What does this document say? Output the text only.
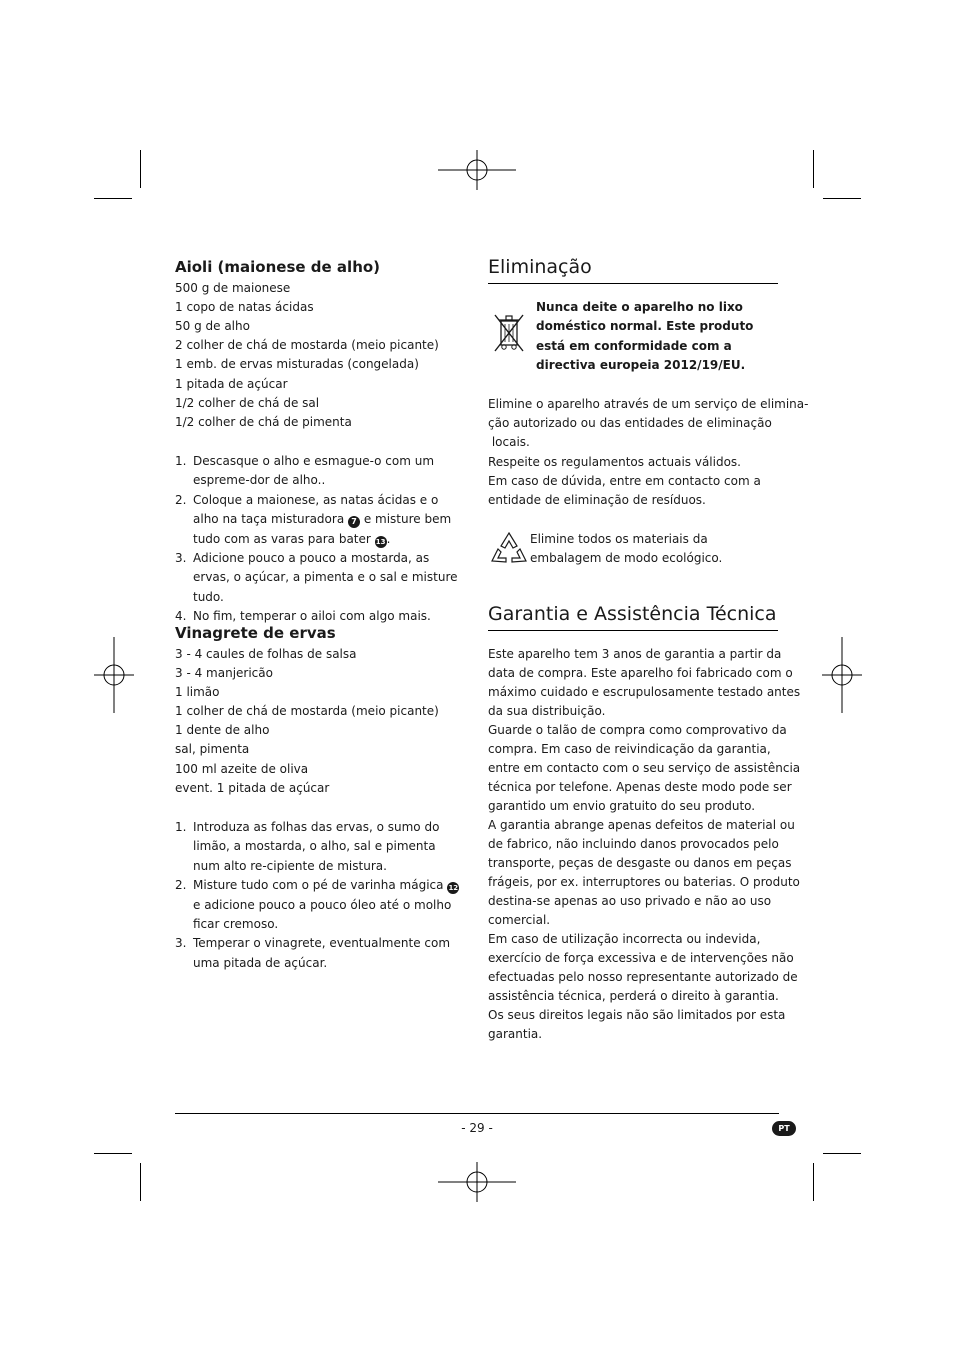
Aioli (maionese de alho)
500 g de maionese
1 copo de natas ácidas
50 g de alho
2 colher de chá de mostarda (meio picante)
1 emb. de ervas misturadas (congelada)
1 pitada de açúcar
1/2 colher de chá de sal
1/2 colher de chá de pimenta
1. Descasque o alho e esmague-o com um espreme-dor de alho..
2. Coloque a maionese, as natas ácidas e o alho na taça misturadora 7 e misture bem tudo com as varas para bater 13.
3. Adicione pouco a pouco a mostarda, as ervas, o açúcar, a pimenta e o sal e misture tudo.
4. No fim, temperar o ailoi com algo mais.
Vinagrete de ervas
3 - 4 caules de folhas de salsa
3 - 4 manjericão
1 limão
1 colher de chá de mostarda (meio picante)
1 dente de alho
sal, pimenta
100 ml azeite de oliva
event. 1 pitada de açúcar
1. Introduza as folhas das ervas, o sumo do limão, a mostarda, o alho, sal e pimenta num alto re-cipiente de mistura.
2. Misture tudo com o pé de varinha mágica 12 e adicione pouco a pouco óleo até o molho ficar cremoso.
3. Temperar o vinagrete, eventualmente com uma pitada de açúcar.
Eliminação
Nunca deite o aparelho no lixo doméstico normal. Este produto está em conformidade com a directiva europeia 2012/19/EU.
Elimine o aparelho através de um serviço de elimina-
ção autorizado ou das entidades de eliminação
locais.
Respeite os regulamentos actuais válidos.
Em caso de dúvida, entre em contacto com a
entidade de eliminação de resíduos.
Elimine todos os materiais da embalagem de modo ecológico.
Garantia e Assistência Técnica
Este aparelho tem 3 anos de garantia a partir da
data de compra. Este aparelho foi fabricado com o
máximo cuidado e escrupulosamente testado antes
da sua distribuição.
Guarde o talão de compra como comprovativo da
compra. Em caso de reivindicação da garantia,
entre em contacto com o seu serviço de assistência
técnica por telefone. Apenas deste modo pode ser
garantido um envio gratuito do seu produto.
A garantia abrange apenas defeitos de material ou
de fabrico, não incluindo danos provocados pelo
transporte, peças de desgaste ou danos em peças
frágeis, por ex. interruptores ou baterias. O produto
destina-se apenas ao uso privado e não ao uso
comercial.
Em caso de utilização incorrecta ou indevida,
exercício de força excessiva e de intervenções não
efectuadas pelo nosso representante autorizado de
assistência técnica, perderá o direito à garantia.
Os seus direitos legais não são limitados por esta
garantia.
- 29 -	PT
